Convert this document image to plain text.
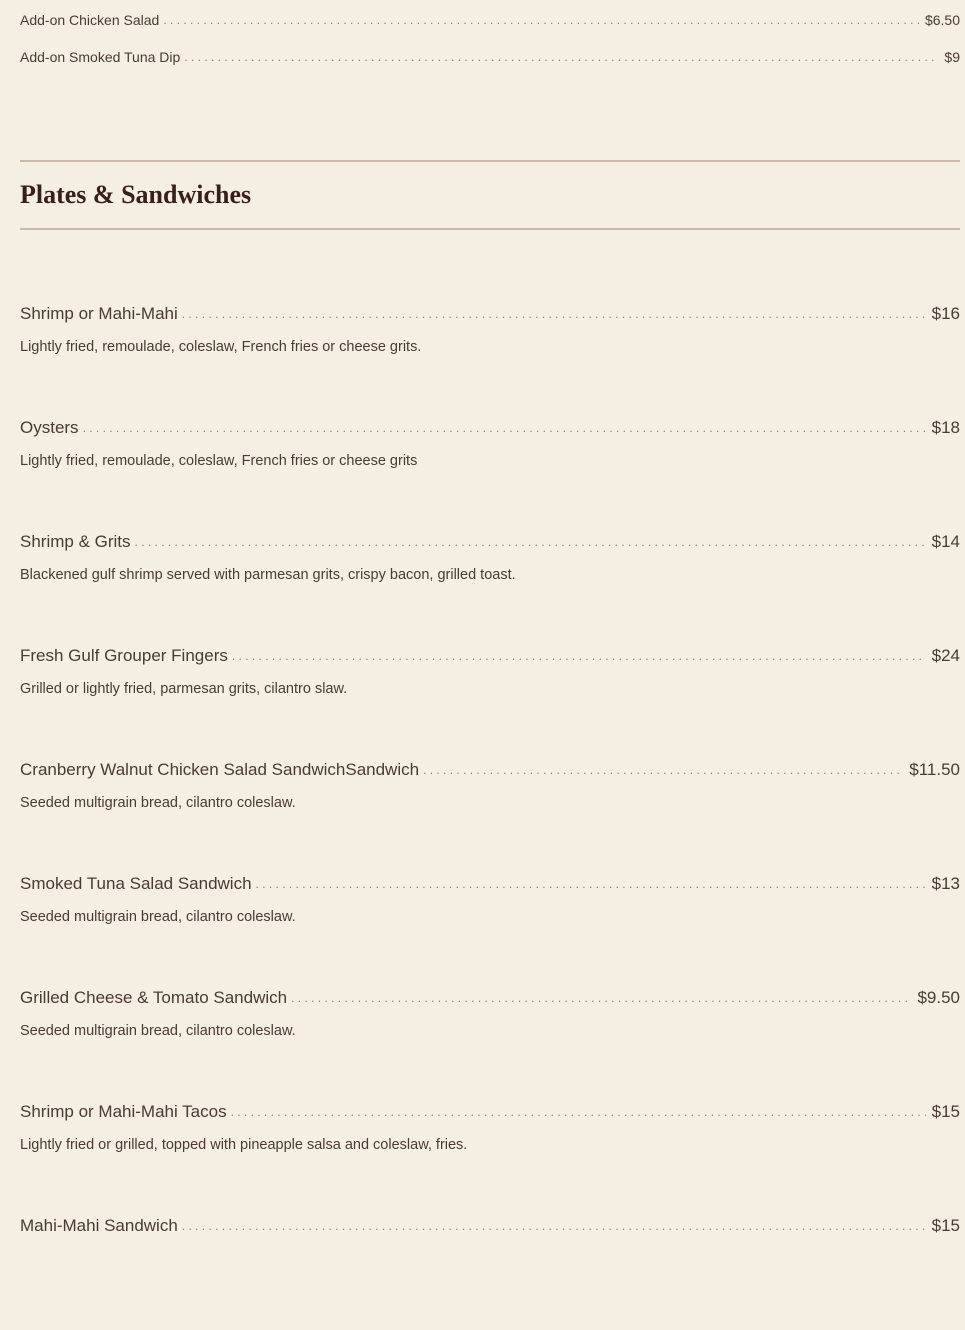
Add-on Chicken Salad . . .	$6.50
Add-on Smoked Tuna Dip . . .	$9
Plates & Sandwiches
Shrimp or Mahi-Mahi . . .	$16
Lightly fried, remoulade, coleslaw, French fries or cheese grits.
Oysters . . .	$18
Lightly fried, remoulade, coleslaw, French fries or cheese grits
Shrimp & Grits . . .	$14
Blackened gulf shrimp served with parmesan grits, crispy bacon, grilled toast.
Fresh Gulf Grouper Fingers . . .	$24
Grilled or lightly fried, parmesan grits, cilantro slaw.
Cranberry Walnut Chicken Salad SandwichSandwich . . .	$11.50
Seeded multigrain bread, cilantro coleslaw.
Smoked Tuna Salad Sandwich . . .	$13
Seeded multigrain bread, cilantro coleslaw.
Grilled Cheese & Tomato Sandwich . . .	$9.50
Seeded multigrain bread, cilantro coleslaw.
Shrimp or Mahi-Mahi Tacos . . .	$15
Lightly fried or grilled, topped with pineapple salsa and coleslaw, fries.
Mahi-Mahi Sandwich . . .	$15
